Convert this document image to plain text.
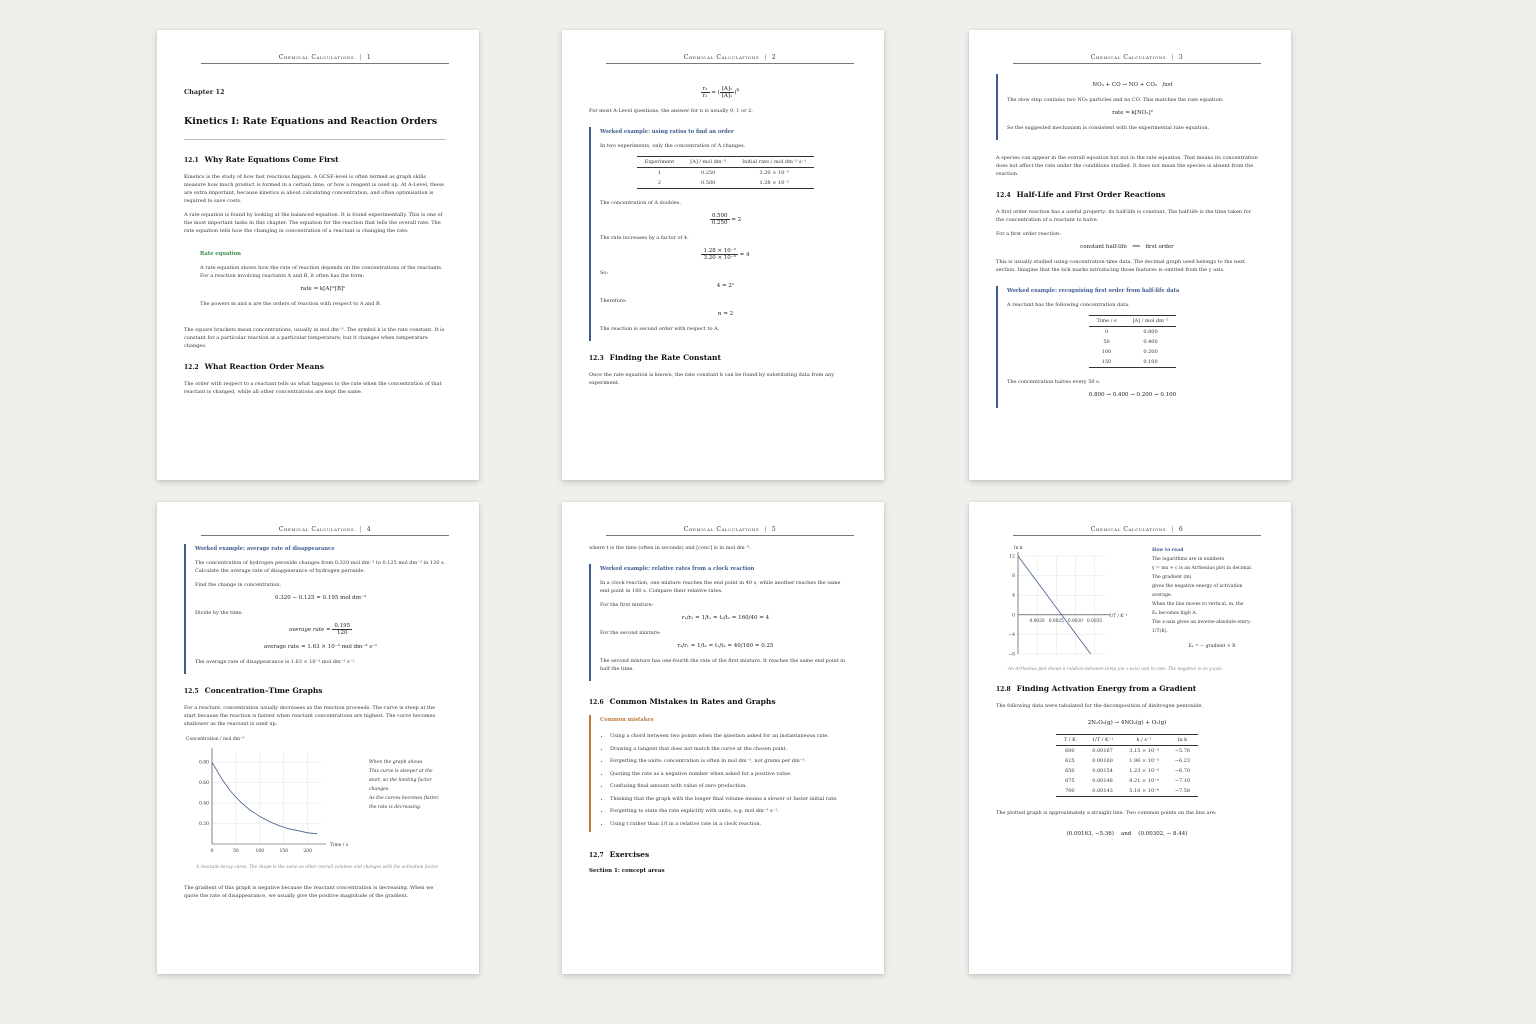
Chemical Calculations | 1
Chapter 12
Kinetics I: Rate Equations and Reaction Orders
12.1 Why Rate Equations Come First

Kinetics is the study of how fast reactions happen. A GCSE-level is often termed as graph skills measure how much product is formed in a certain time, or how a reagent is used up. At A-Level, these are extra important, because kinetics is about calculating concentration, and often optimisation is required to save costs.

A rate equation is found by looking at the balanced equation. It is found experimentally. This is one of the most important tasks in this chapter. The equation for the reaction that tells the overall rate. The rate equation tells how the changing in concentration of a reactant is changing the rate.

Rate equation

A rate equation shows how the rate of reaction depends on the concentrations of the reactants. For a reaction involving reactants A and B, it often has the form:

rate = k[A]ᵐ[B]ⁿ

The powers m and n are the orders of reaction with respect to A and B.

The square brackets mean concentrations, usually in mol dm⁻³. The symbol k is the rate constant. It is constant for a particular reaction at a particular temperature, but it changes when temperature changes.

12.2 What Reaction Order Means

The order with respect to a reactant tells us what happens to the rate when the concentration of that reactant is changed, while all other concentrations are kept the same.

Chemical Calculations | 2
$\frac{\text{r₂}}{\text{r₁}}$ = ( $\frac{\text{[A]₂}}{\text{[A]₁}} )^n$

For most A-Level questions, the answer for n is usually 0, 1 or 2.

Worked example: using ratios to find an order

In two experiments, only the concentration of A changes.

Experiment	[A] / mol dm⁻³	Initial rate / mol dm⁻³ s⁻¹
1	0.250	3.20 × 10⁻³
2	0.500	1.28 × 10⁻²

The concentration of A doubles.

$\frac{0.500}{0.250} = 2$

The rate increases by a factor of 4.

$\frac{\text{1.28 × 10⁻²}}{\text{3.20 × 10⁻³}} = 4$

So:

4 = 2ⁿ

Therefore:

n = 2

The reaction is second order with respect to A.

12.3 Finding the Rate Constant

Once the rate equation is known, the rate constant k can be found by substituting data from any experiment.

Chemical Calculations | 3
NO₃ + CO → NO + CO₂ fast

The slow step contains two NO₂ particles and no CO. This matches the rate equation:

rate = k[NO₂]²

So the suggested mechanism is consistent with the experimental rate equation.

A species can appear in the overall equation but not in the rate equation. That means its concentration does not affect the rate under the conditions studied. It does not mean the species is absent from the reaction.

12.4 Half-Life and First Order Reactions

A first order reaction has a useful property: its half-life is constant. The half-life is the time taken for the concentration of a reactant to halve.

For a first order reaction:

constant half-life ⟹ first order

This is usually studied using concentration-time data. The decimal graph used belongs to the next section. Imagine that the tick marks introducing those features is omitted from the y axis.

Worked example: recognising first order from half-life data

A reactant has the following concentration data.

Time / s	[A] / mol dm⁻³
0	0.800
50	0.400
100	0.200
150	0.100

The concentration halves every 50 s.

0.800 → 0.400 → 0.200 → 0.100
Chemical Calculations | 4
Worked example: average rate of disappearance

The concentration of hydrogen peroxide changes from 0.320 mol dm⁻³ to 0.125 mol dm⁻³ in 120 s. Calculate the average rate of disappearance of hydrogen peroxide.

Find the change in concentration.

0.320 − 0.125 = 0.195 mol dm⁻³

Divide by the time.

average rate = $\frac{0.195}{120}$
average rate = 1.63 × 10⁻³ mol dm⁻³ s⁻¹

The average rate of disappearance is 1.63 × 10⁻³ mol dm⁻³ s⁻¹.

12.5 Concentration–Time Graphs

For a reactant, concentration usually decreases as the reaction proceeds. The curve is steep at the start because the reaction is fastest when reactant concentrations are highest. The curve becomes shallower as the reactant is used up.

0	50	100	150	200
0.20
0.40
0.60
0.80
Concentration / mol dm⁻³
Time / s
When the graph shows
This curve is steeper at the
start, so the limiting factor
changes.
As the curves becomes flatter,
the rate is decreasing.
A reactant decay curve. The shape is the same as other overall volumes and changes with the activation factor.

The gradient of this graph is negative because the reactant concentration is decreasing. When we quote the rate of disappearance, we usually give the positive magnitude of the gradient.

Chemical Calculations | 5

where t is the time (often in seconds) and [conc] is in mol dm⁻³.

Worked example: relative rates from a clock reaction

In a clock reaction, one mixture reaches the end point in 40 s, while another reaches the same end point in 160 s. Compare their relative rates.

For the first mixture:

r₁/r₂ = 1/t₁ = t₂/t₁ = 160/40 = 4

For the second mixture:

r₂/r₁ = 1/t₂ = t₁/t₂ = 40/160 = 0.25

The second mixture has one-fourth the rate of the first mixture. It reaches the same end point in half the time.

12.6 Common Mistakes in Rates and Graphs
Common mistakes
• Using a chord between two points when the question asked for an instantaneous rate.
• Drawing a tangent that does not match the curve at the chosen point.
• Forgetting the units: concentration is often in mol dm⁻³, not grams per dm⁻³.
• Quoting the rate as a negative number when asked for a positive value.
• Confusing final amount with value of zero production.
• Thinking that the graph with the longer final volume means a slower or faster initial rate.
• Forgetting to state the rate explicitly with units, e.g. mol dm⁻³ s⁻¹.
• Using t rather than 1/t in a relative rate in a clock reaction.
12.7 Exercises
Section 1: concept areas
Chemical Calculations | 6
12
8
4
0
−4
−8
0.0020 0.0025 0.0030 0.0035
ln k
1/T / K⁻¹
How to read
The logarithms are in numbers
y = mx + c is an Arrhenius plot in decimal.
The gradient (m)
gives the negative energy of activation
average.
When the line moves to vertical, m, the
Eₐ becomes high A.
The x-axis gives an inverse-absolute entry:
1/T(K).
Eₐ = − gradient × R
An Arrhenius plot shows a relation between temp (on x-axis) and ln rate. The negative is on y-axis.
12.8 Finding Activation Energy from a Gradient

The following data were tabulated for the decomposition of dinitrogen pentoxide.

2N₂O₅(g) → 4NO₂(g) + O₂(g)
T / K	1/T / K⁻¹	k / s⁻¹	ln k
600	0.00167	3.15 × 10⁻³	−5.76
625	0.00160	1.96 × 10⁻³	−6.23
650	0.00154	1.23 × 10⁻³	−6.70
675	0.00148	8.21 × 10⁻⁴	−7.10
700	0.00143	5.10 × 10⁻⁴	−7.58

The plotted graph is approximately a straight line. Two common points on the line are:

(0.00163, −5.36) and (0.00302, − 8.44)
